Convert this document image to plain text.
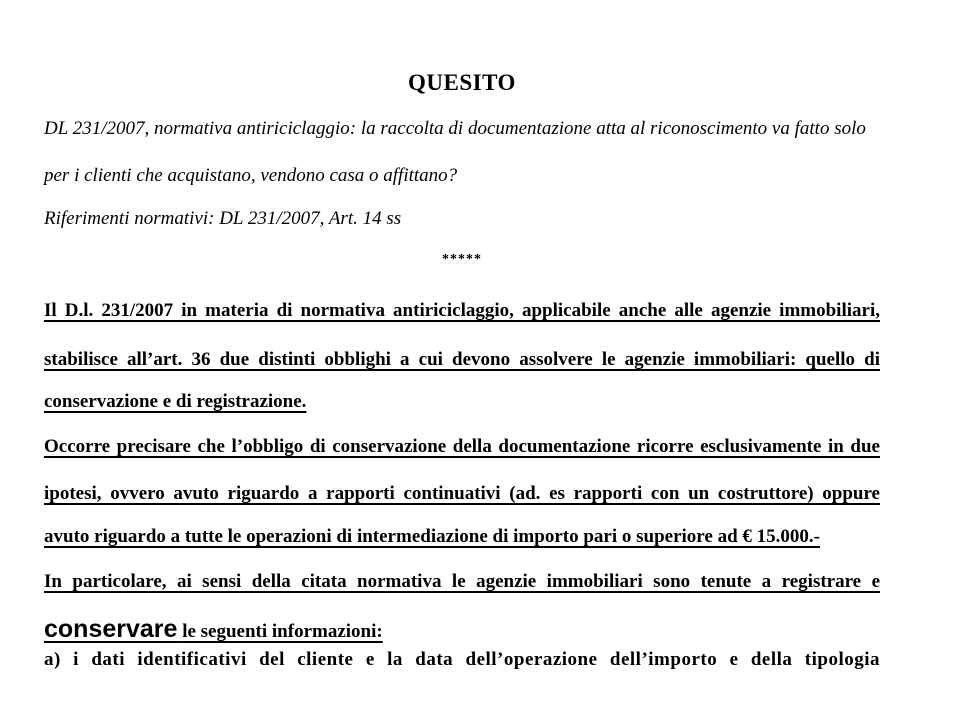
QUESITO
DL 231/2007, normativa antiriciclaggio: la raccolta di documentazione atta al riconoscimento va fatto solo
per i clienti che acquistano, vendono casa o affittano?
Riferimenti normativi: DL 231/2007, Art. 14 ss
*****
Il D.l. 231/2007 in materia di normativa antiriciclaggio, applicabile anche alle agenzie immobiliari,
stabilisce all’art. 36 due distinti obblighi a cui devono assolvere le agenzie immobiliari: quello di
conservazione e di registrazione.
Occorre precisare che l’obbligo di conservazione della documentazione ricorre esclusivamente in due
ipotesi, ovvero avuto riguardo a rapporti continuativi (ad. es rapporti con un costruttore) oppure
avuto riguardo a tutte le operazioni di intermediazione di importo pari o superiore ad € 15.000.-
In particolare, ai sensi della citata normativa le agenzie immobiliari sono tenute a registrare e
conservare le seguenti informazioni:
a) i dati identificativi del cliente e la data dell’operazione dell’importo e della tipologia
